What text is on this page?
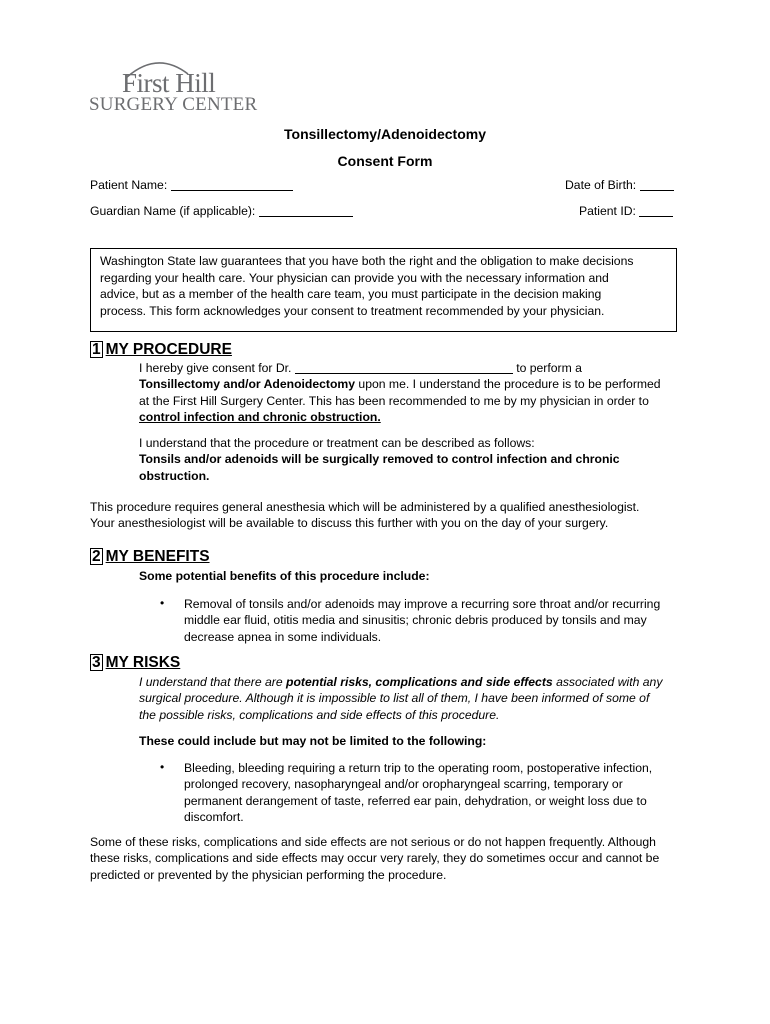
First Hill
SURGERY CENTER
Tonsillectomy/Adenoidectomy
Consent Form
Patient Name:	Date of Birth:
Guardian Name (if applicable):	Patient ID:
Washington State law guarantees that you have both the right and the obligation to make decisions
regarding your health care. Your physician can provide you with the necessary information and
advice, but as a member of the health care team, you must participate in the decision making
process. This form acknowledges your consent to treatment recommended by your physician.
1 MY PROCEDURE
I hereby give consent for Dr.	to perform a
Tonsillectomy and/or Adenoidectomy upon me. I understand the procedure is to be performed
at the First Hill Surgery Center. This has been recommended to me by my physician in order to
control infection and chronic obstruction.
I understand that the procedure or treatment can be described as follows:
Tonsils and/or adenoids will be surgically removed to control infection and chronic
obstruction.
This procedure requires general anesthesia which will be administered by a qualified anesthesiologist.
Your anesthesiologist will be available to discuss this further with you on the day of your surgery.
2 MY BENEFITS
Some potential benefits of this procedure include:
• Removal of tonsils and/or adenoids may improve a recurring sore throat and/or recurring
middle ear fluid, otitis media and sinusitis; chronic debris produced by tonsils and may
decrease apnea in some individuals.
3 MY RISKS
I understand that there are potential risks, complications and side effects associated with any
surgical procedure. Although it is impossible to list all of them, I have been informed of some of
the possible risks, complications and side effects of this procedure.
These could include but may not be limited to the following:
• Bleeding, bleeding requiring a return trip to the operating room, postoperative infection,
prolonged recovery, nasopharyngeal and/or oropharyngeal scarring, temporary or
permanent derangement of taste, referred ear pain, dehydration, or weight loss due to
discomfort.
Some of these risks, complications and side effects are not serious or do not happen frequently. Although
these risks, complications and side effects may occur very rarely, they do sometimes occur and cannot be
predicted or prevented by the physician performing the procedure.
